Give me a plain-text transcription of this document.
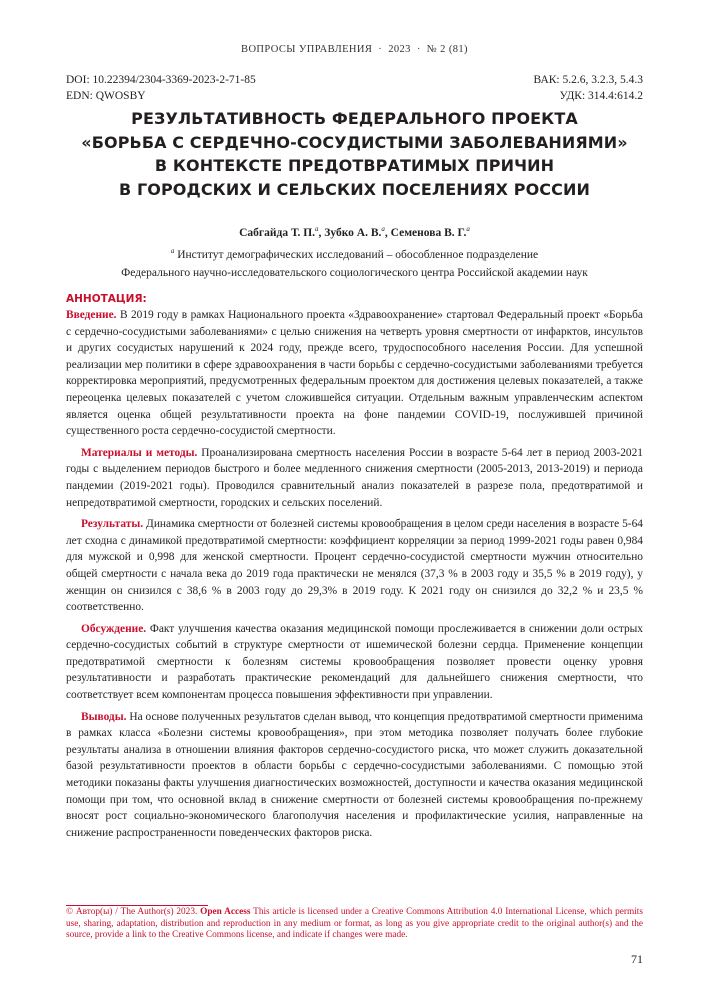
ВОПРОСЫ УПРАВЛЕНИЯ · 2023 · № 2 (81)
DOI: 10.22394/2304-3369-2023-2-71-85	ВАК: 5.2.6, 3.2.3, 5.4.3
EDN: QWOSBY	УДК: 314.4:614.2
РЕЗУЛЬТАТИВНОСТЬ ФЕДЕРАЛЬНОГО ПРОЕКТА
«БОРЬБА С СЕРДЕЧНО-СОСУДИСТЫМИ ЗАБОЛЕВАНИЯМИ»
В КОНТЕКСТЕ ПРЕДОТВРАТИМЫХ ПРИЧИН
В ГОРОДСКИХ И СЕЛЬСКИХ ПОСЕЛЕНИЯХ РОССИИ
Сабгайда Т. П.$^a$, Зубко А. В.$^a$, Семенова В. Г.$^a$
$^a$ Институт демографических исследований – обособленное подразделение
Федерального научно-исследовательского социологического центра Российской академии наук
АННОТАЦИЯ:

Введение. В 2019 году в рамках Национального проекта «Здравоохранение» стартовал Федеральный проект «Борьба с сердечно-сосудистыми заболеваниями» с целью снижения на четверть уровня смертности от инфарктов, инсультов и других сосудистых нарушений к 2024 году, прежде всего, трудоспособного населения России. Для успешной реализации мер политики в сфере здравоохранения в части борьбы с сердечно-сосудистыми заболеваниями требуется корректировка мероприятий, предусмотренных федеральным проектом для достижения целевых показателей, а также переоценка целевых показателей с учетом сложившейся ситуации. Отдельным важным управленческим аспектом является оценка общей результативности проекта на фоне пандемии COVID-19, послужившей причиной существенного роста сердечно-сосудистой смертности.

Материалы и методы. Проанализирована смертность населения России в возрасте 5-64 лет в период 2003-2021 годы с выделением периодов быстрого и более медленного снижения смертности (2005-2013, 2013-2019) и периода пандемии (2019-2021 годы). Проводился сравнительный анализ показателей в разрезе пола, предотвратимой и непредотвратимой смертности, городских и сельских поселений.

Результаты. Динамика смертности от болезней системы кровообращения в целом среди населения в возрасте 5-64 лет сходна с динамикой предотвратимой смертности: коэффициент корреляции за период 1999-2021 годы равен 0,984 для мужской и 0,998 для женской смертности. Процент сердечно-сосудистой смертности мужчин относительно общей смертности с начала века до 2019 года практически не менялся (37,3 % в 2003 году и 35,5 % в 2019 году), у женщин он снизился с 38,6 % в 2003 году до 29,3% в 2019 году. К 2021 году он снизился до 32,2 % и 23,5 % соответственно.

Обсуждение. Факт улучшения качества оказания медицинской помощи прослеживается в снижении доли острых сердечно-сосудистых событий в структуре смертности от ишемической болезни сердца. Применение концепции предотвратимой смертности к болезням системы кровообращения позволяет провести оценку уровня результативности и разработать практические рекомендаций для дальнейшего снижения смертности, что соответствует всем компонентам процесса повышения эффективности при управлении.

Выводы. На основе полученных результатов сделан вывод, что концепция предотвратимой смертности применима в рамках класса «Болезни системы кровообращения», при этом методика позволяет получать более глубокие результаты анализа в отношении влияния факторов сердечно-сосудистого риска, что может служить доказательной базой результативности проектов в области борьбы с сердечно-сосудистыми заболеваниями. С помощью этой методики показаны факты улучшения диагностических возможностей, доступности и качества оказания медицинской помощи при том, что основной вклад в снижение смертности от болезней системы кровообращения по-прежнему вносят рост социально-экономического благополучия населения и профилактические усилия, направленные на снижение распространенности поведенческих факторов риска.

© Автор(ы) / The Author(s) 2023. Open Access This article is licensed under a Creative Commons Attribution 4.0 International License, which permits use, sharing, adaptation, distribution and reproduction in any medium or format, as long as you give appropriate credit to the original author(s) and the source, provide a link to the Creative Commons license, and indicate if changes were made.
71
